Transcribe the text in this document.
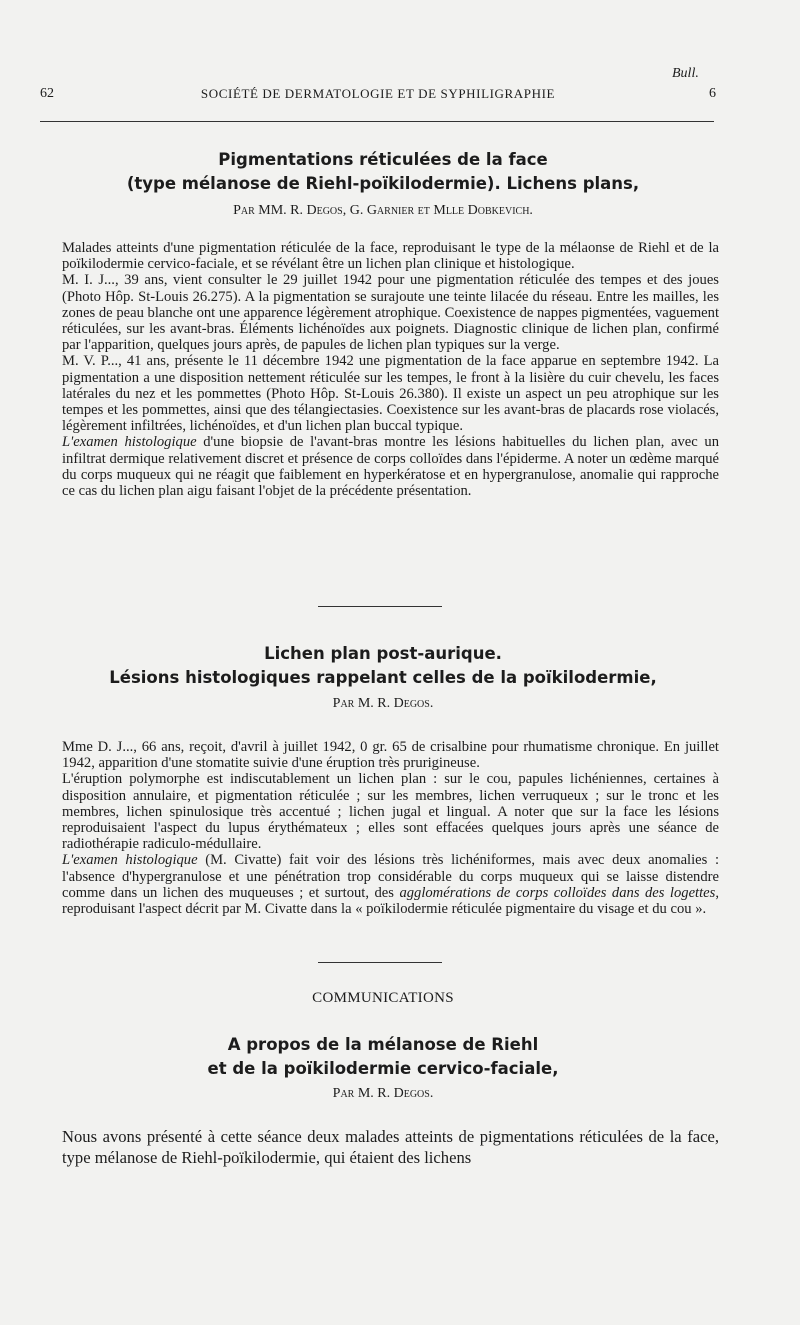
Bull.
62	SOCIÉTÉ DE DERMATOLOGIE ET DE SYPHILIGRAPHIE	6
Pigmentations réticulées de la face
(type mélanose de Riehl-poïkilodermie). Lichens plans,
Par MM. R. Degos, G. Garnier et Mlle Dobkevich.

Malades atteints d'une pigmentation réticulée de la face, reproduisant le type de la mélaonse de Riehl et de la poïkilodermie cervico-faciale, et se révélant être un lichen plan clinique et histologique.

M. I. J..., 39 ans, vient consulter le 29 juillet 1942 pour une pigmentation réticulée des tempes et des joues (Photo Hôp. St-Louis 26.275). A la pigmentation se surajoute une teinte lilacée du réseau. Entre les mailles, les zones de peau blanche ont une apparence légèrement atrophique. Coexistence de nappes pigmentées, vaguement réticulées, sur les avant-bras. Éléments lichénoïdes aux poignets. Diagnostic clinique de lichen plan, confirmé par l'apparition, quelques jours après, de papules de lichen plan typiques sur la verge.

M. V. P..., 41 ans, présente le 11 décembre 1942 une pigmentation de la face apparue en septembre 1942. La pigmentation a une disposition nettement réticulée sur les tempes, le front à la lisière du cuir chevelu, les faces latérales du nez et les pommettes (Photo Hôp. St-Louis 26.380). Il existe un aspect un peu atrophique sur les tempes et les pommettes, ainsi que des télangiectasies. Coexistence sur les avant-bras de placards rose violacés, légèrement infiltrées, lichénoïdes, et d'un lichen plan buccal typique.

L'examen histologique d'une biopsie de l'avant-bras montre les lésions habituelles du lichen plan, avec un infiltrat dermique relativement discret et présence de corps colloïdes dans l'épiderme. A noter un œdème marqué du corps muqueux qui ne réagit que faiblement en hyperkératose et en hypergranulose, anomalie qui rapproche ce cas du lichen plan aigu faisant l'objet de la précédente présentation.

Lichen plan post-aurique.
Lésions histologiques rappelant celles de la poïkilodermie,
Par M. R. Degos.

Mme D. J..., 66 ans, reçoit, d'avril à juillet 1942, 0 gr. 65 de crisalbine pour rhumatisme chronique. En juillet 1942, apparition d'une stomatite suivie d'une éruption très prurigineuse.

L'éruption polymorphe est indiscutablement un lichen plan : sur le cou, papules lichéniennes, certaines à disposition annulaire, et pigmentation réticulée ; sur les membres, lichen verruqueux ; sur le tronc et les membres, lichen spinulosique très accentué ; lichen jugal et lingual. A noter que sur la face les lésions reproduisaient l'aspect du lupus érythémateux ; elles sont effacées quelques jours après une séance de radiothérapie radiculo-médullaire.

L'examen histologique (M. Civatte) fait voir des lésions très lichéniformes, mais avec deux anomalies : l'absence d'hypergranulose et une pénétration trop considérable du corps muqueux qui se laisse distendre comme dans un lichen des muqueuses ; et surtout, des agglomérations de corps colloïdes dans des logettes, reproduisant l'aspect décrit par M. Civatte dans la « poïkilodermie réticulée pigmentaire du visage et du cou ».

COMMUNICATIONS
A propos de la mélanose de Riehl
et de la poïkilodermie cervico-faciale,
Par M. R. Degos.
Nous avons présenté à cette séance deux malades atteints de pigmentations réticulées de la face, type mélanose de Riehl-poïkilodermie, qui étaient des lichens
